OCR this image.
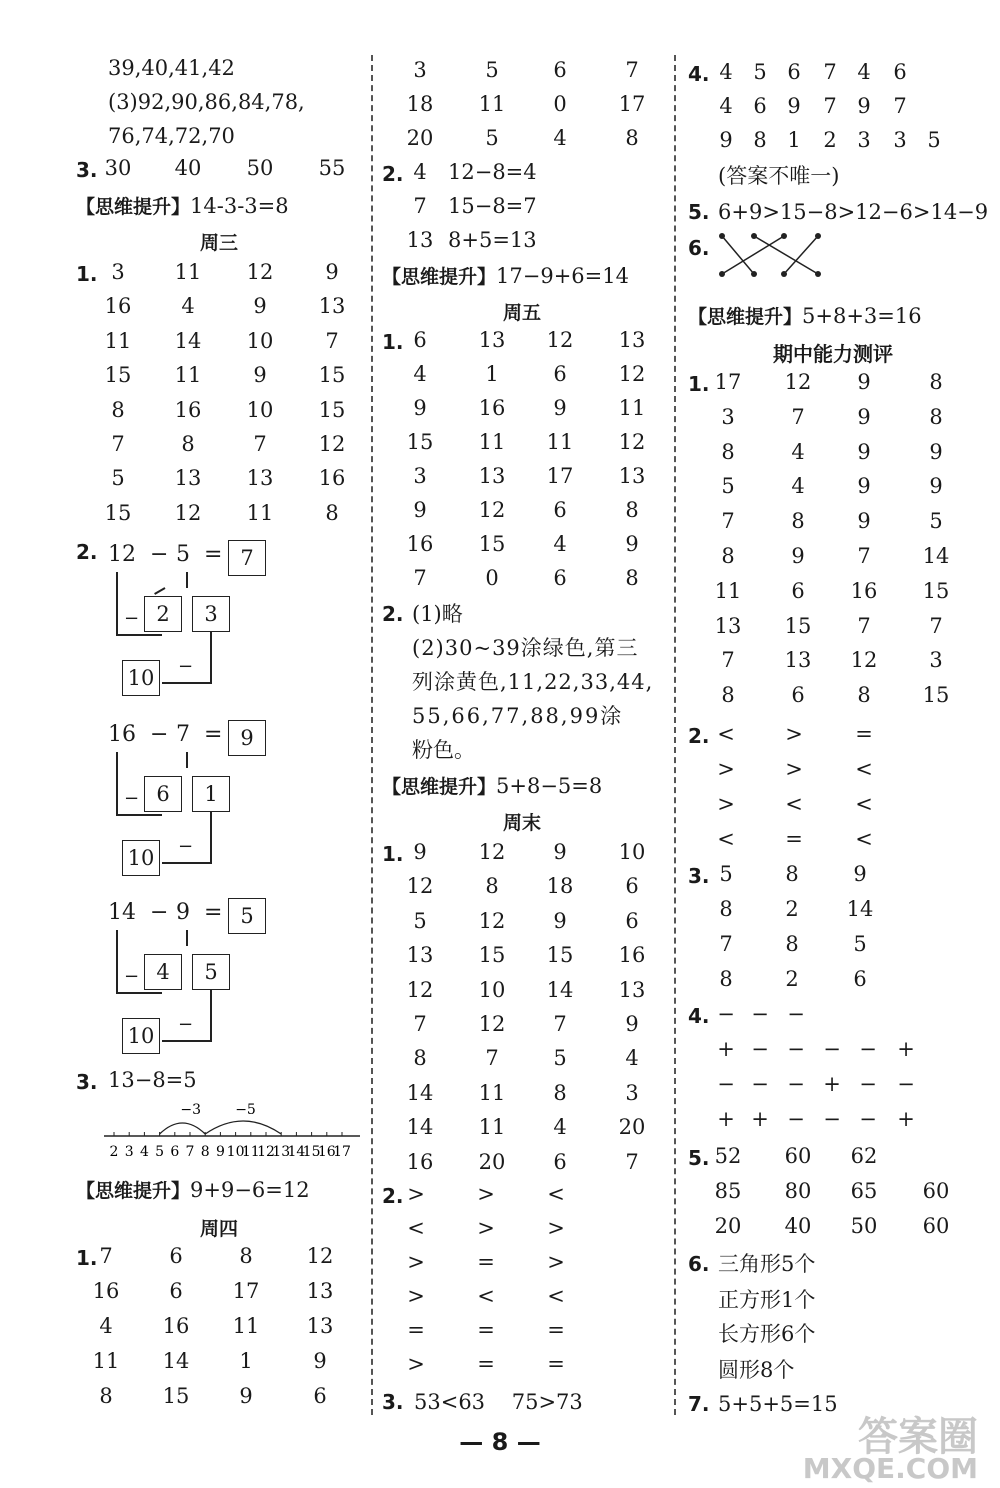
39,40,41,42
(3)92,90,86,84,78,
76,74,72,70
3. 30 40 50 55
【思维提升】14-3-3=8
周三
1. 3 11 12 9
16 4	9 13
11 14 10 7
15 11 9 15
8 16 10 15
7	8	7 12
5 13 13 16
15 12 11 8
2. 12 − 5 = 7
2	3
−
10	−
16 − 7 = 9
6	1
−
10	−
14 − 9 = 5
4	5
−
10	−
3. 13−8=5
2 3 4 5 6 7 8 9 10
11
12
13
14
15
16
17
−5
−3
【思维提升】9+9−6=12
周四
1. 7	6	8	12
16 6 17 13
4 16 11 13
11 14 1	9
8 15 9	6
3	5	6	7
18 11 0 17
20 5	4	8
2. 4 12−8=4
7 15−8=7
13 8+5=13
【思维提升】17−9+6=14
周五
1. 6 13 12 13
4	1	6 12
9 16 9 11
15 11 11 12
3 13 17 13
9 12 6	8
16 15 4	9
7	0	6	8
2. (1)略
(2)30~39涂绿色,第三
列涂黄色,11,22,33,44,
55,66,77,88,99涂
粉色。
【思维提升】5+8−5=8
周末
1. 9 12 9 10
12 8 18 6
5 12 9	6
13 15 15 16
12 10 14 13
7 12 7	9
8	7	5	4
14 11 8	3
14 11 4 20
16 20 6	7
2. > > <
< > >
> = >
> < <
= = =
> = =
3. 53<63    75>73
4. 4 5 6 7 4 6
4 6 9 7 9 7
9 8 1 2 3 3 5
(答案不唯一)
5. 6+9>15−8>12−6>14−9
6.
【思维提升】5+8+3=16
期中能力测评
1. 17 12 9	8
3	7	9	8
8	4	9	9
5	4	9	9
7	8	9	5
8	9	7 14
11 6 16 15
13 15 7	7
7 13 12 3
8	6	8 15
2. < > =
> > <
> < <
< = <
3. 5	8	9
8	2 14
7	8	5
8	2	6
4. − − −
+ − − − − +
− − − + − −
+ + − − − +
5. 52 60 62
85 80 65 60
20 40 50 60
6. 三角形5个
正方形1个
长方形6个
圆形8个
7. 5+5+5=15
— 8 —	答案圈
MXQE.COM
